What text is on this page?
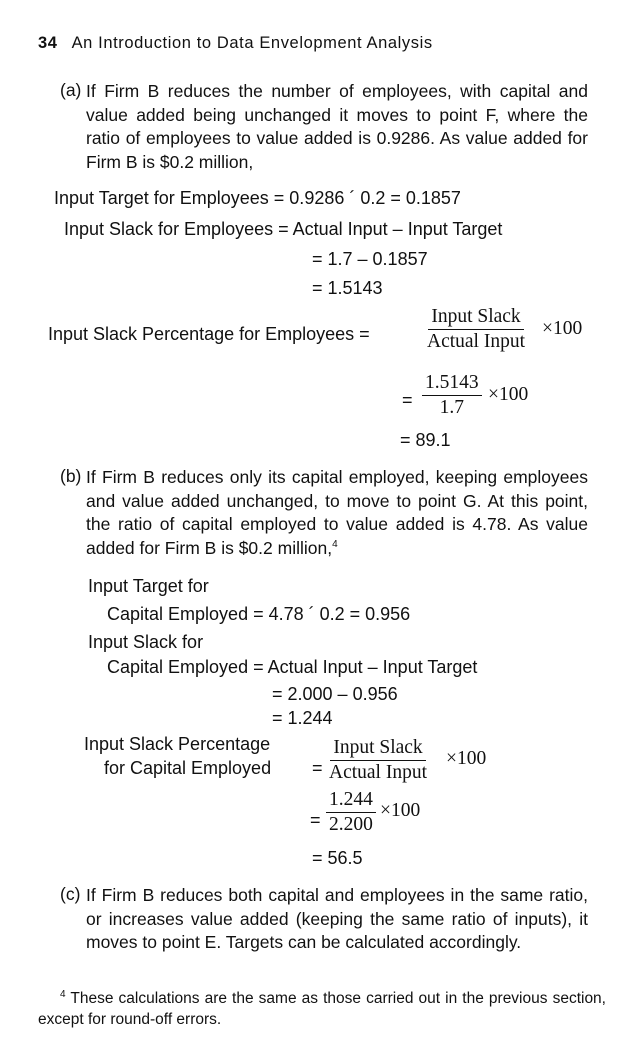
34 An Introduction to Data Envelopment Analysis
(a) If Firm B reduces the number of employees, with capital and value added being unchanged it moves to point F, where the ratio of employees to value added is 0.9286. As value added for Firm B is $0.2 million,
Input Target for Employees = 0.9286 ´ 0.2 = 0.1857
Input Slack for Employees = Actual Input – Input Target
= 1.7 – 0.1857
= 1.5143
Input Slack Percentage for Employees =
Input Slack
Actual Input
×100
= $\frac{1.5143}{1.7} \times 100$
= 89.1
(b) If Firm B reduces only its capital employed, keeping employees and value added unchanged, to move to point G. At this point, the ratio of capital employed to value added is 4.78. As value added for Firm B is $0.2 million,$^4$
Input Target for
Capital Employed = 4.78 ´ 0.2 = 0.956
Input Slack for
Capital Employed = Actual Input – Input Target
= 2.000 – 0.956
= 1.244
Input Slack Percentage
for Capital Employed =
Input Slack
Actual Input
×100
= $\frac{1.244}{2.200} \times 100$
= 56.5
(c) If Firm B reduces both capital and employees in the same ratio, or increases value added (keeping the same ratio of inputs), it moves to point E. Targets can be calculated accordingly.
$^4$ These calculations are the same as those carried out in the previous section, except for round-off errors.
